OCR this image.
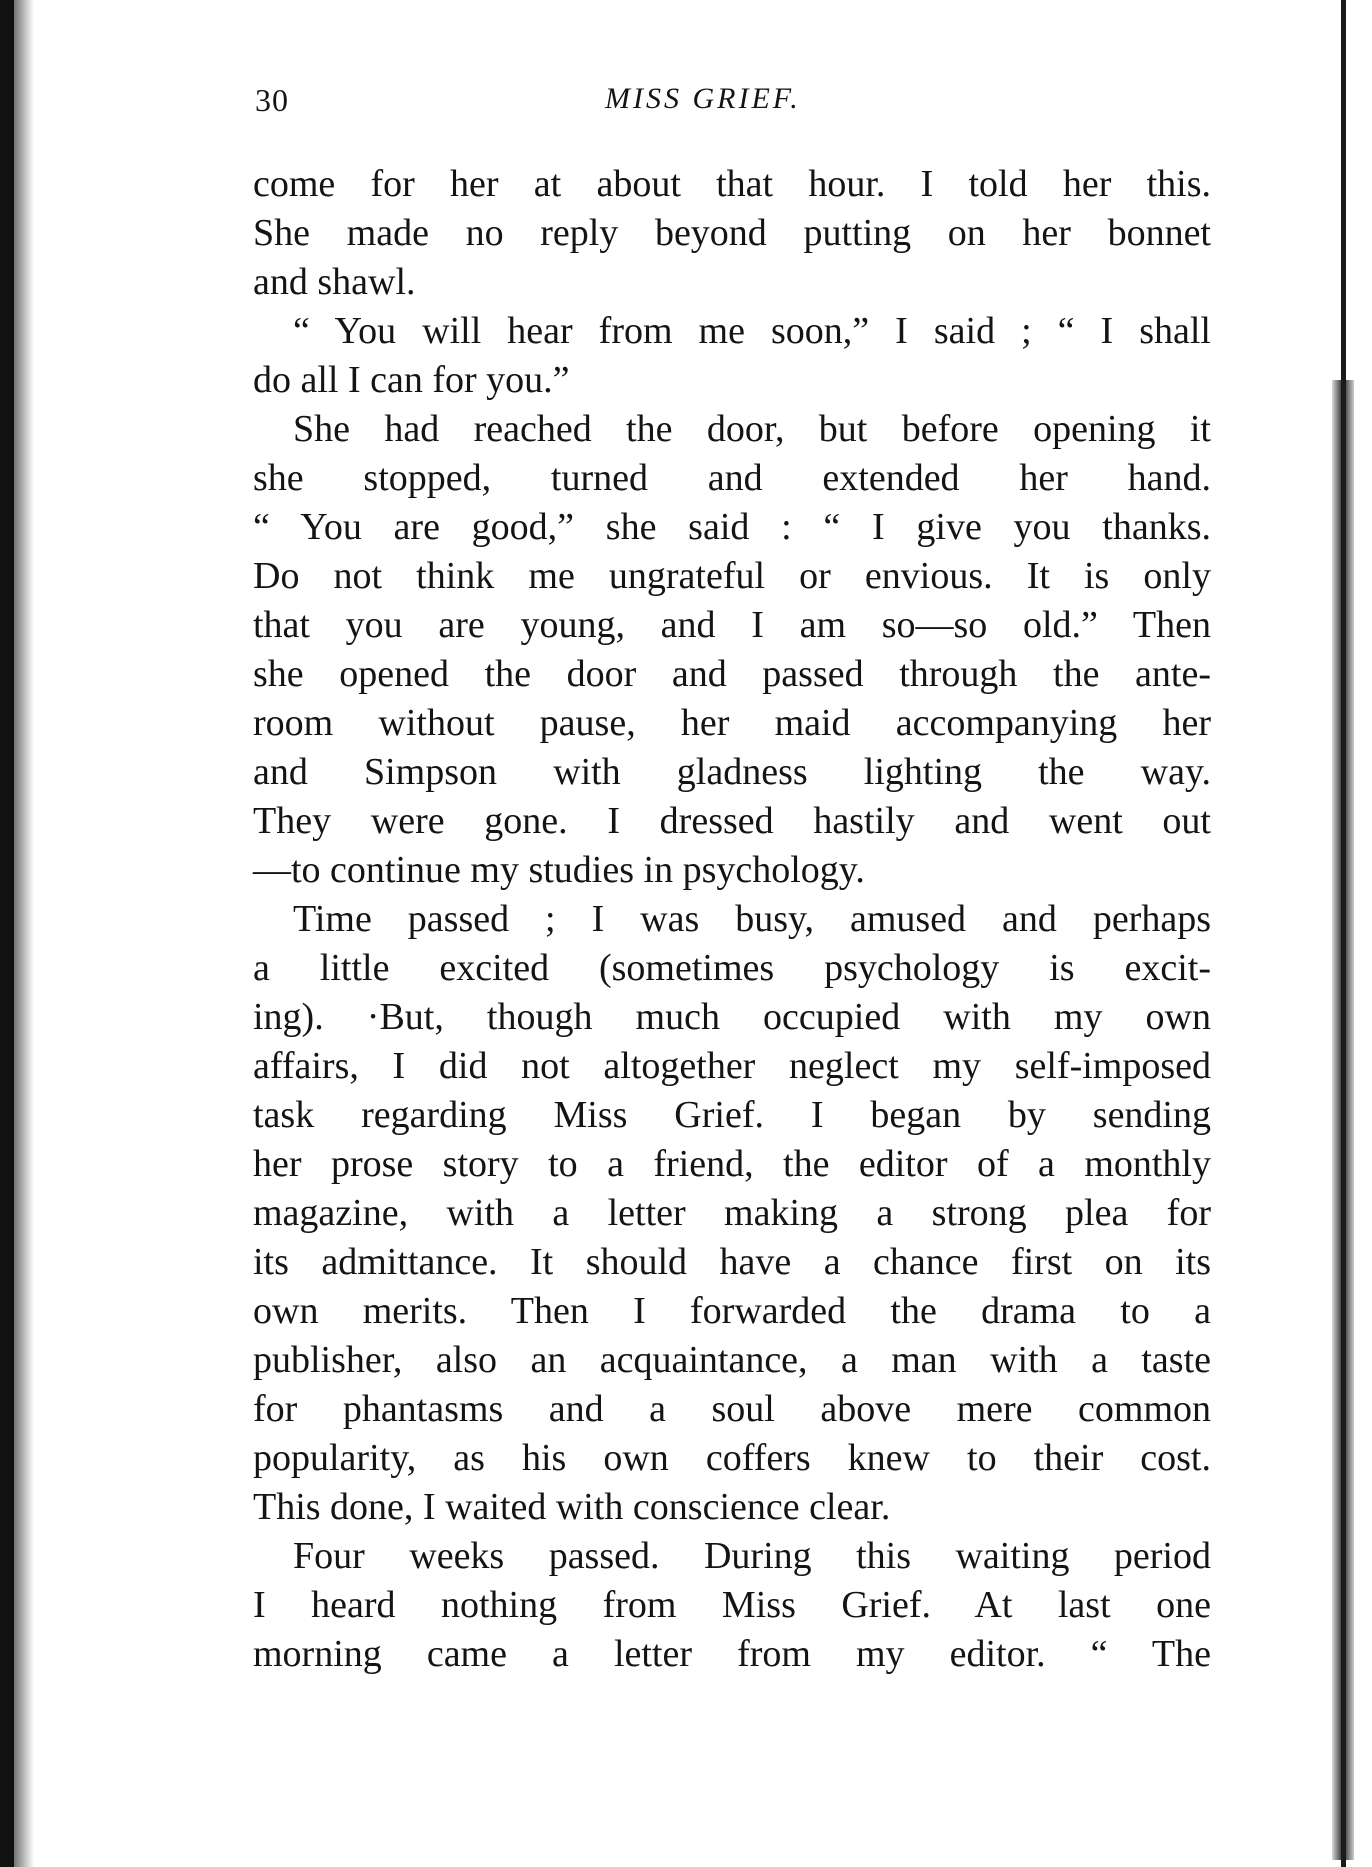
30	MISS GRIEF.
come for her at about that hour. I told her this.
She made no reply beyond putting on her bonnet
and shawl.
“ You will hear from me soon,” I said ; “ I shall
do all I can for you.”
She had reached the door, but before opening it
she stopped, turned and extended her hand.
“ You are good,” she said : “ I give you thanks.
Do not think me ungrateful or envious. It is only
that you are young, and I am so—so old.” Then
she opened the door and passed through the ante-
room without pause, her maid accompanying her
and Simpson with gladness lighting the way.
They were gone. I dressed hastily and went out
—to continue my studies in psychology.
Time passed ; I was busy, amused and perhaps
a little excited (sometimes psychology is excit-
ing). ·But, though much occupied with my own
affairs, I did not altogether neglect my self-imposed
task regarding Miss Grief. I began by sending
her prose story to a friend, the editor of a monthly
magazine, with a letter making a strong plea for
its admittance. It should have a chance first on its
own merits. Then I forwarded the drama to a
publisher, also an acquaintance, a man with a taste
for phantasms and a soul above mere common
popularity, as his own coffers knew to their cost.
This done, I waited with conscience clear.
Four weeks passed. During this waiting period
I heard nothing from Miss Grief. At last one
morning came a letter from my editor. “ The
